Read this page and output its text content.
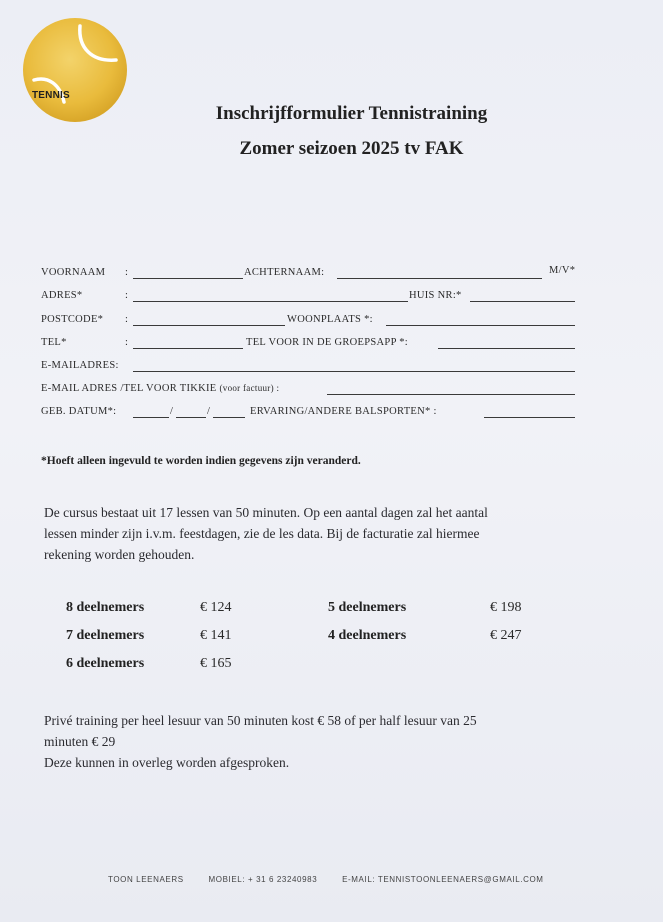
TENNIS
Inschrijfformulier Tennistraining
Zomer seizoen 2025 tv FAK
VOORNAAM :	ACHTERNAAM:	M/V*
ADRES*	:	HUIS NR:*
POSTCODE* :	WOONPLAATS *:
TEL*	:	TEL VOOR IN DE GROEPSAPP *:
E-MAILADRES:
E-MAIL ADRES /TEL VOOR TIKKIE (voor factuur) :
GEB. DATUM*:	/	/	ERVARING/ANDERE BALSPORTEN* :
*Hoeft alleen ingevuld te worden indien gegevens zijn veranderd.
De cursus bestaat uit 17 lessen van 50 minuten. Op een aantal dagen zal het aantal
lessen minder zijn i.v.m. feestdagen, zie de les data. Bij de facturatie zal hiermee
rekening worden gehouden.
8 deelnemers	€ 124
7 deelnemers	€ 141
6 deelnemers	€ 165
5 deelnemers	€ 198
4 deelnemers	€ 247
Privé training per heel lesuur van 50 minuten kost € 58 of per half lesuur van 25
minuten € 29
Deze kunnen in overleg worden afgesproken.
TOON LEENAERS	MOBIEL: + 31 6 23240983	E-MAIL: TENNISTOONLEENAERS@GMAIL.COM
